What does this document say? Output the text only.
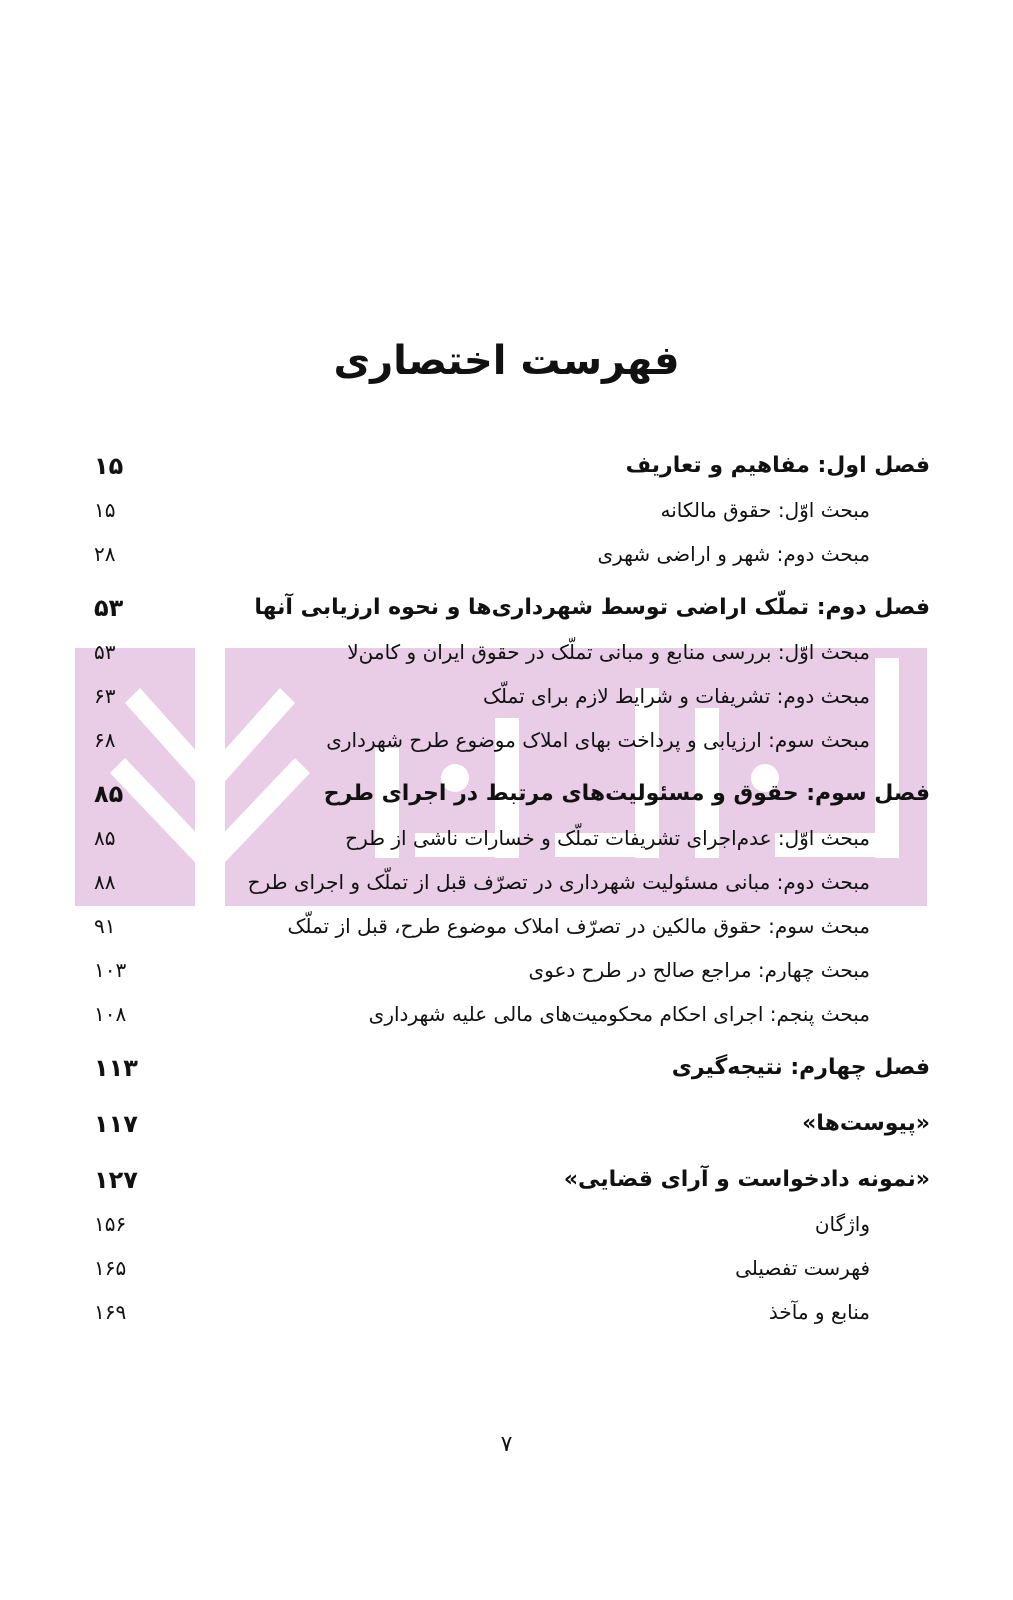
فهرست اختصاری
فصل اول: مفاهیم و تعاریف
۱۵
مبحث اوّل: حقوق مالکانه
۱۵
مبحث دوم: شهر و اراضی شهری
۲۸
فصل دوم: تملّک اراضی توسط شهرداری‌ها و نحوه ارزیابی آنها
۵۳
مبحث اوّل: بررسی منابع و مبانی تملّک در حقوق ایران و کامن‌لا
۵۳
مبحث دوم: تشریفات و شرایط لازم برای تملّک
۶۳
مبحث سوم: ارزیابی و پرداخت بهای املاک موضوع طرح شهرداری
۶۸
فصل سوم: حقوق و مسئولیت‌های مرتبط در اجرای طرح
۸۵
مبحث اوّل: عدم‌اجرای تشریفات تملّک و خسارات ناشی از طرح
۸۵
مبحث دوم: مبانی مسئولیت شهرداری در تصرّف قبل از تملّک و اجرای طرح
۸۸
مبحث سوم: حقوق مالکین در تصرّف املاک موضوع طرح، قبل از تملّک
۹۱
مبحث چهارم: مراجع صالح در طرح دعوی
۱۰۳
مبحث پنجم: اجرای احکام محکومیت‌های مالی علیه شهرداری
۱۰۸
فصل چهارم: نتیجه‌گیری
۱۱۳
«پیوست‌ها»
۱۱۷
«نمونه دادخواست و آرای قضایی»
۱۲۷
واژگان
۱۵۶
فهرست تفصیلی
۱۶۵
منابع و مآخذ
۱۶۹
۷
